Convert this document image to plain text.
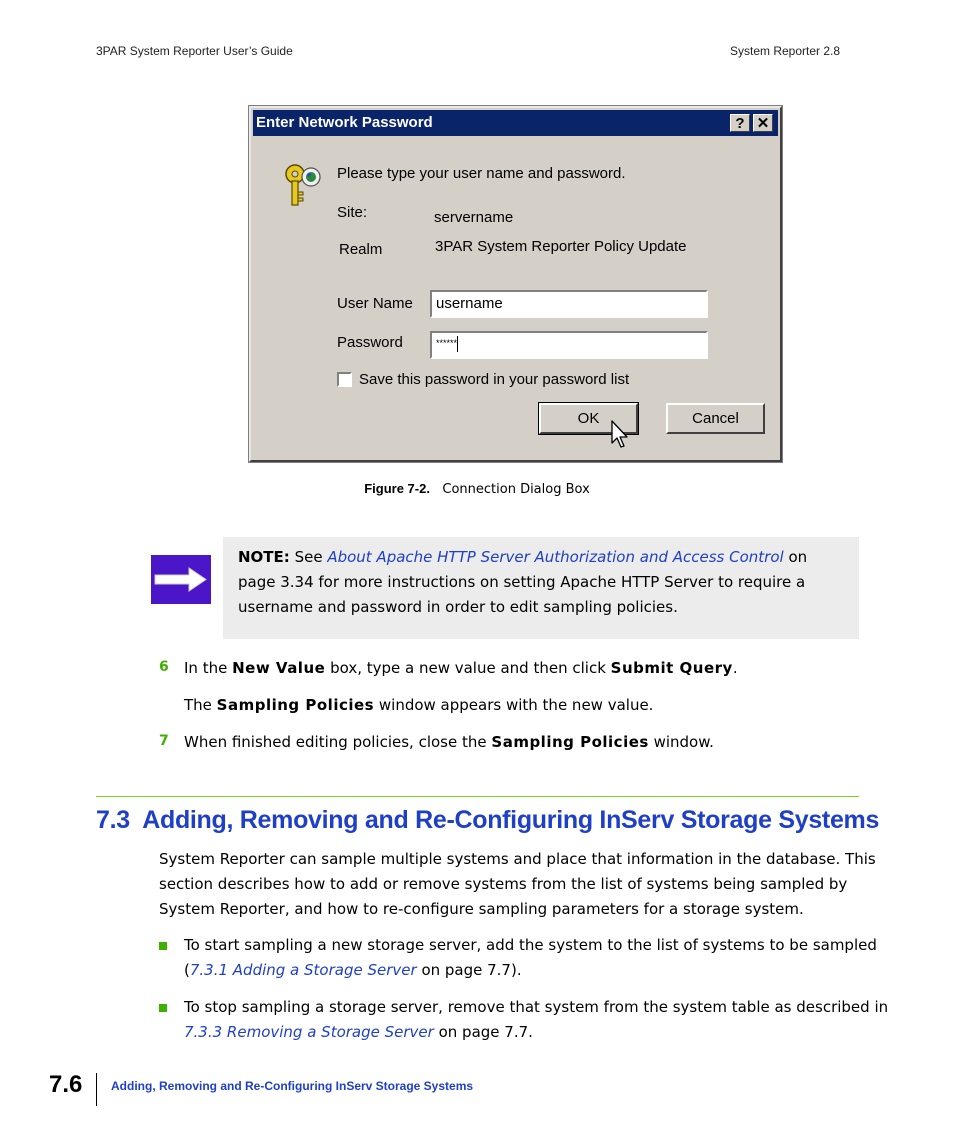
3PAR System Reporter User’s Guide	System Reporter 2.8
Enter Network Password	? ✕
Please type your user name and password.
Site:	servername
Realm	3PAR System Reporter Policy Update
User Name	username
Password	******
Save this password in your password list
OK	Cancel
Figure 7-2. Connection Dialog Box
NOTE: See About Apache HTTP Server Authorization and Access Control on
page 3.34 for more instructions on setting Apache HTTP Server to require a
username and password in order to edit sampling policies.
6 In the New Value box, type a new value and then click Submit Query.
The Sampling Policies window appears with the new value.
7 When finished editing policies, close the Sampling Policies window.
7.3  Adding, Removing and Re-Configuring InServ Storage Systems
System Reporter can sample multiple systems and place that information in the database. This
section describes how to add or remove systems from the list of systems being sampled by
System Reporter, and how to re-configure sampling parameters for a storage system.
To start sampling a new storage server, add the system to the list of systems to be sampled
(7.3.1 Adding a Storage Server on page 7.7).
To stop sampling a storage server, remove that system from the system table as described in
7.3.3 Removing a Storage Server on page 7.7.
7.6 Adding, Removing and Re-Configuring InServ Storage Systems
